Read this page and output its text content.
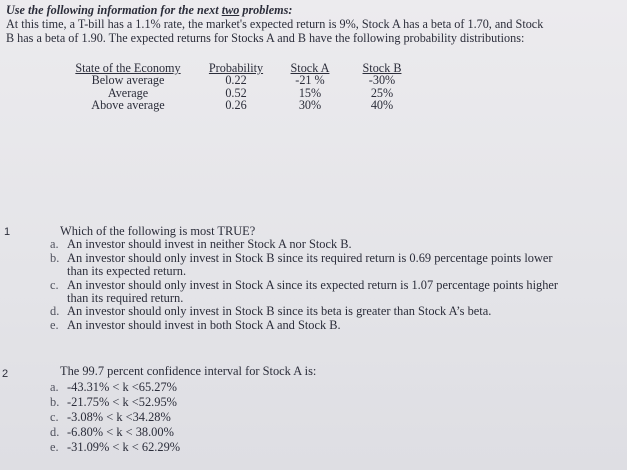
Use the following information for the next two problems:
At this time, a T-bill has a 1.1% rate, the market's expected return is 9%, Stock A has a beta of 1.70, and Stock
B has a beta of 1.90. The expected returns for Stocks A and B have the following probability distributions:
State of the Economy	Probability	Stock A	Stock B
Below average	0.22	-21 %	-30%
Average	0.52	15%	25%
Above average	0.26	30%	40%
1	Which of the following is most TRUE?
a. An investor should invest in neither Stock A nor Stock B.
b. An investor should only invest in Stock B since its required return is 0.69 percentage points lower
than its expected return.
c. An investor should only invest in Stock A since its expected return is 1.07 percentage points higher
than its required return.
d. An investor should only invest in Stock B since its beta is greater than Stock A’s beta.
e. An investor should invest in both Stock A and Stock B.
2	The 99.7 percent confidence interval for Stock A is:
a. -43.31% < k <65.27%
b. -21.75% < k <52.95%
c. -3.08% < k <34.28%
d. -6.80% < k < 38.00%
e. -31.09% < k < 62.29%
